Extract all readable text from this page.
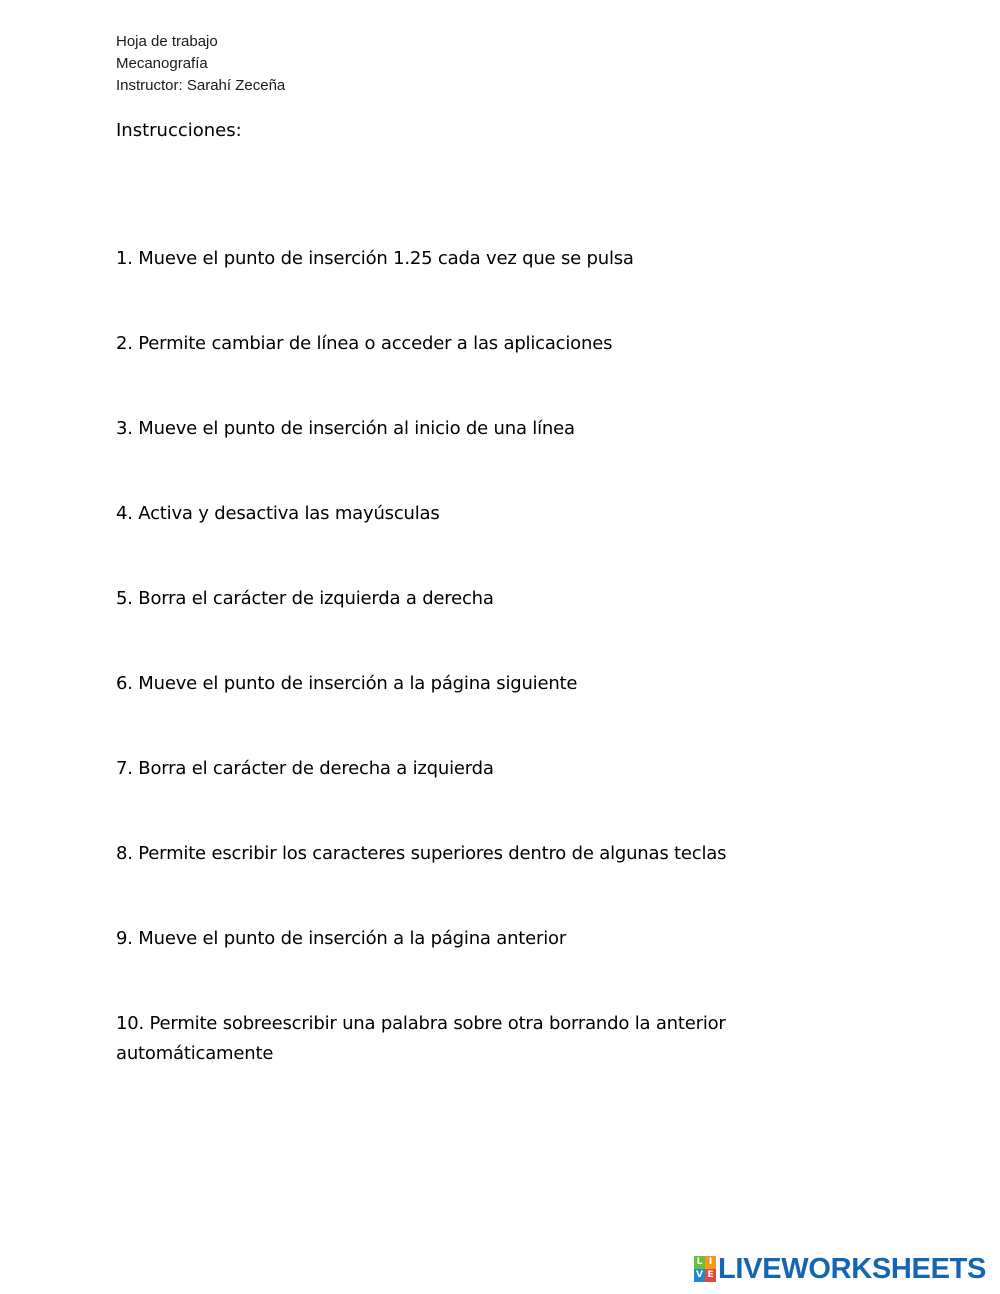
Hoja de trabajo
Mecanografía
Instructor: Sarahí Zeceña
Instrucciones:
1. Mueve el punto de inserción 1.25 cada vez que se pulsa
2. Permite cambiar de línea o acceder a las aplicaciones
3. Mueve el punto de inserción al inicio de una línea
4. Activa y desactiva las mayúsculas
5. Borra el carácter de izquierda a derecha
6. Mueve el punto de inserción a la página siguiente
7. Borra el carácter de derecha a izquierda
8. Permite escribir los caracteres superiores dentro de algunas teclas
9. Mueve el punto de inserción a la página anterior
10. Permite sobreescribir una palabra sobre otra borrando la anterior automáticamente
L I
V E LIVEWORKSHEETS
